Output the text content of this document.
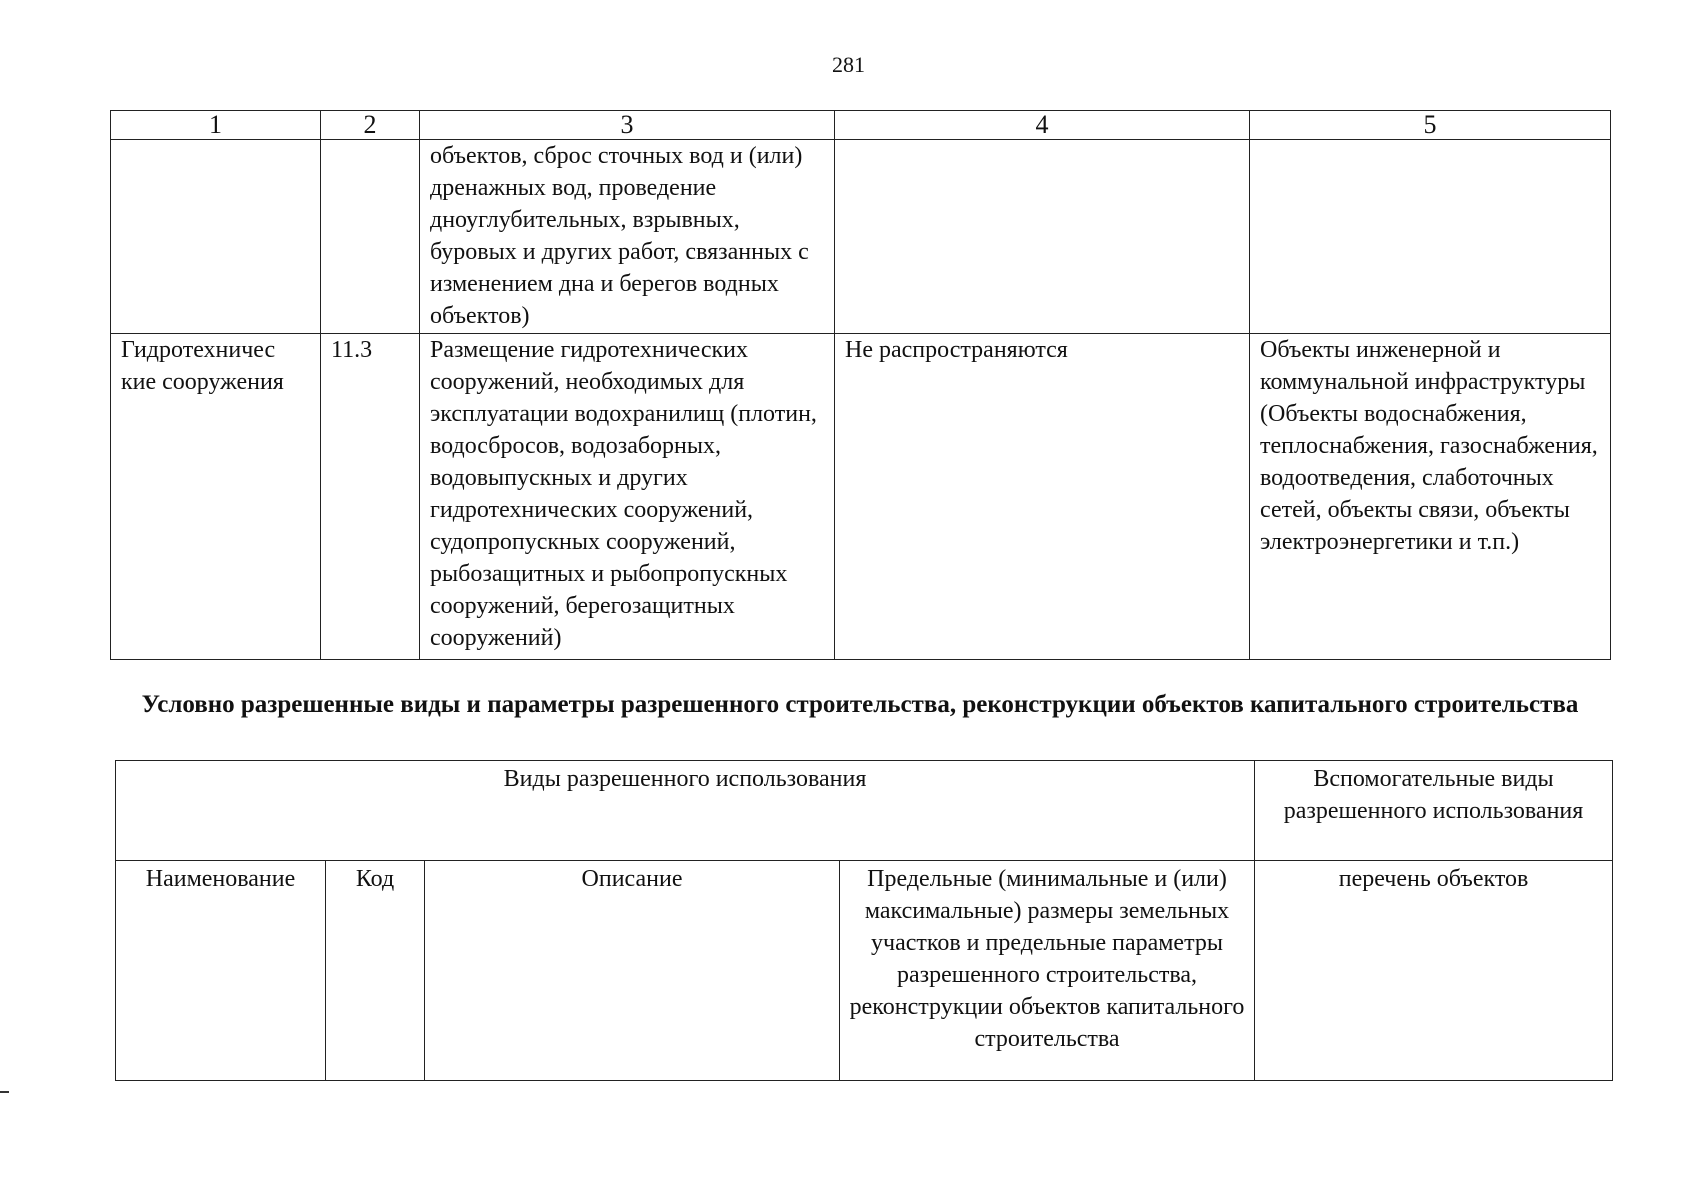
281
1	2	3	4	5
		объектов, сброс сточных вод и (или) дренажных вод, проведение дноуглубительных, взрывных, буровых и других работ, связанных с изменением дна и берегов водных объектов)		
Гидротехничес кие сооружения	11.3	Размещение гидротехнических сооружений, необходимых для эксплуатации водохранилищ (плотин, водосбросов, водозаборных, водовыпускных и других гидротехнических сооружений, судопропускных сооружений, рыбозащитных и рыбопропускных сооружений, берегозащитных сооружений)	Не распространяются	Объекты инженерной и коммунальной инфраструктуры (Объекты водоснабжения, теплоснабжения, газоснабжения, водоотведения, слаботочных сетей, объекты связи, объекты электроэнергетики и т.п.)
Условно разрешенные виды и параметры разрешенного строительства, реконструкции объектов капитального строительства
Виды разрешенного использования				Вспомогательные виды разрешенного использования
Наименование	Код	Описание	Предельные (минимальные и (или) максимальные) размеры земельных участков и предельные параметры разрешенного строительства, реконструкции объектов капитального строительства	перечень объектов
